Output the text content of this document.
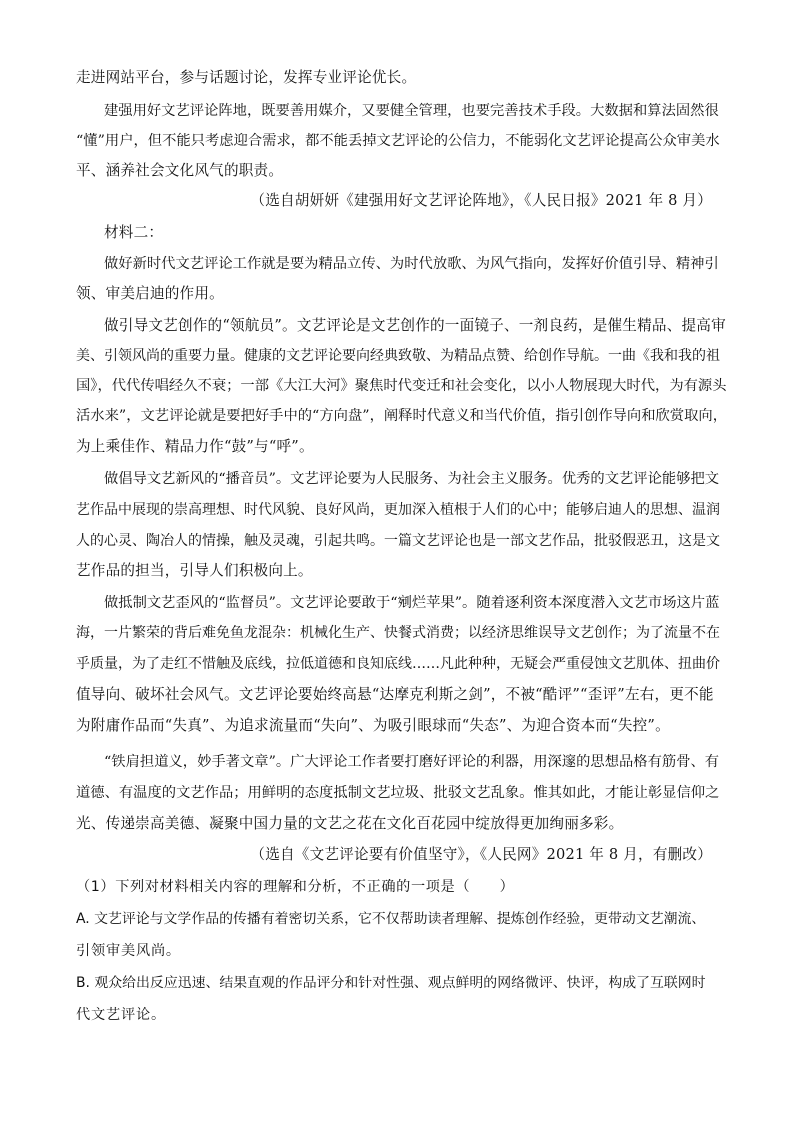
走进网站平台，参与话题讨论，发挥专业评论优长。
建强用好文艺评论阵地，既要善用媒介，又要健全管理，也要完善技术手段。大数据和算法固然很
“懂”用户，但不能只考虑迎合需求，都不能丢掉文艺评论的公信力，不能弱化文艺评论提高公众审美水
平、涵养社会文化风气的职责。
（选自胡妍妍《建强用好文艺评论阵地》，《人民日报》2021 年 8 月）
材料二：
做好新时代文艺评论工作就是要为精品立传、为时代放歌、为风气指向，发挥好价值引导、精神引
领、审美启迪的作用。
做引导文艺创作的“领航员”。文艺评论是文艺创作的一面镜子、一剂良药，是催生精品、提高审
美、引领风尚的重要力量。健康的文艺评论要向经典致敬、为精品点赞、给创作导航。一曲《我和我的祖
国》，代代传唱经久不衰；一部《大江大河》聚焦时代变迁和社会变化，以小人物展现大时代，为有源头
活水来”，文艺评论就是要把好手中的“方向盘”，阐释时代意义和当代价值，指引创作导向和欣赏取向，
为上乘佳作、精品力作“鼓”与“呼”。
做倡导文艺新风的“播音员”。文艺评论要为人民服务、为社会主义服务。优秀的文艺评论能够把文
艺作品中展现的崇高理想、时代风貌、良好风尚，更加深入植根于人们的心中；能够启迪人的思想、温润
人的心灵、陶冶人的情操，触及灵魂，引起共鸣。一篇文艺评论也是一部文艺作品，批驳假恶丑，这是文
艺作品的担当，引导人们积极向上。
做抵制文艺歪风的“监督员”。文艺评论要敢于“剜烂苹果”。随着逐利资本深度潜入文艺市场这片蓝
海，一片繁荣的背后难免鱼龙混杂：机械化生产、快餐式消费；以经济思维误导文艺创作；为了流量不在
乎质量，为了走红不惜触及底线，拉低道德和良知底线……凡此种种，无疑会严重侵蚀文艺肌体、扭曲价
值导向、破坏社会风气。文艺评论要始终高悬“达摩克利斯之剑”，不被“酷评”“歪评”左右，更不能
为附庸作品而“失真”、为追求流量而“失向”、为吸引眼球而“失态”、为迎合资本而“失控”。
“铁肩担道义，妙手著文章”。广大评论工作者要打磨好评论的利器，用深邃的思想品格有筋骨、有
道德、有温度的文艺作品；用鲜明的态度抵制文艺垃圾、批驳文艺乱象。惟其如此，才能让彰显信仰之
光、传递崇高美德、凝聚中国力量的文艺之花在文化百花园中绽放得更加绚丽多彩。
（选自《文艺评论要有价值坚守》，《人民网》2021 年 8 月，有删改）
（1）下列对材料相关内容的理解和分析，不正确的一项是（　　）
A. 文艺评论与文学作品的传播有着密切关系，它不仅帮助读者理解、提炼创作经验，更带动文艺潮流、
引领审美风尚。
B. 观众给出反应迅速、结果直观的作品评分和针对性强、观点鲜明的网络微评、快评，构成了互联网时
代文艺评论。
